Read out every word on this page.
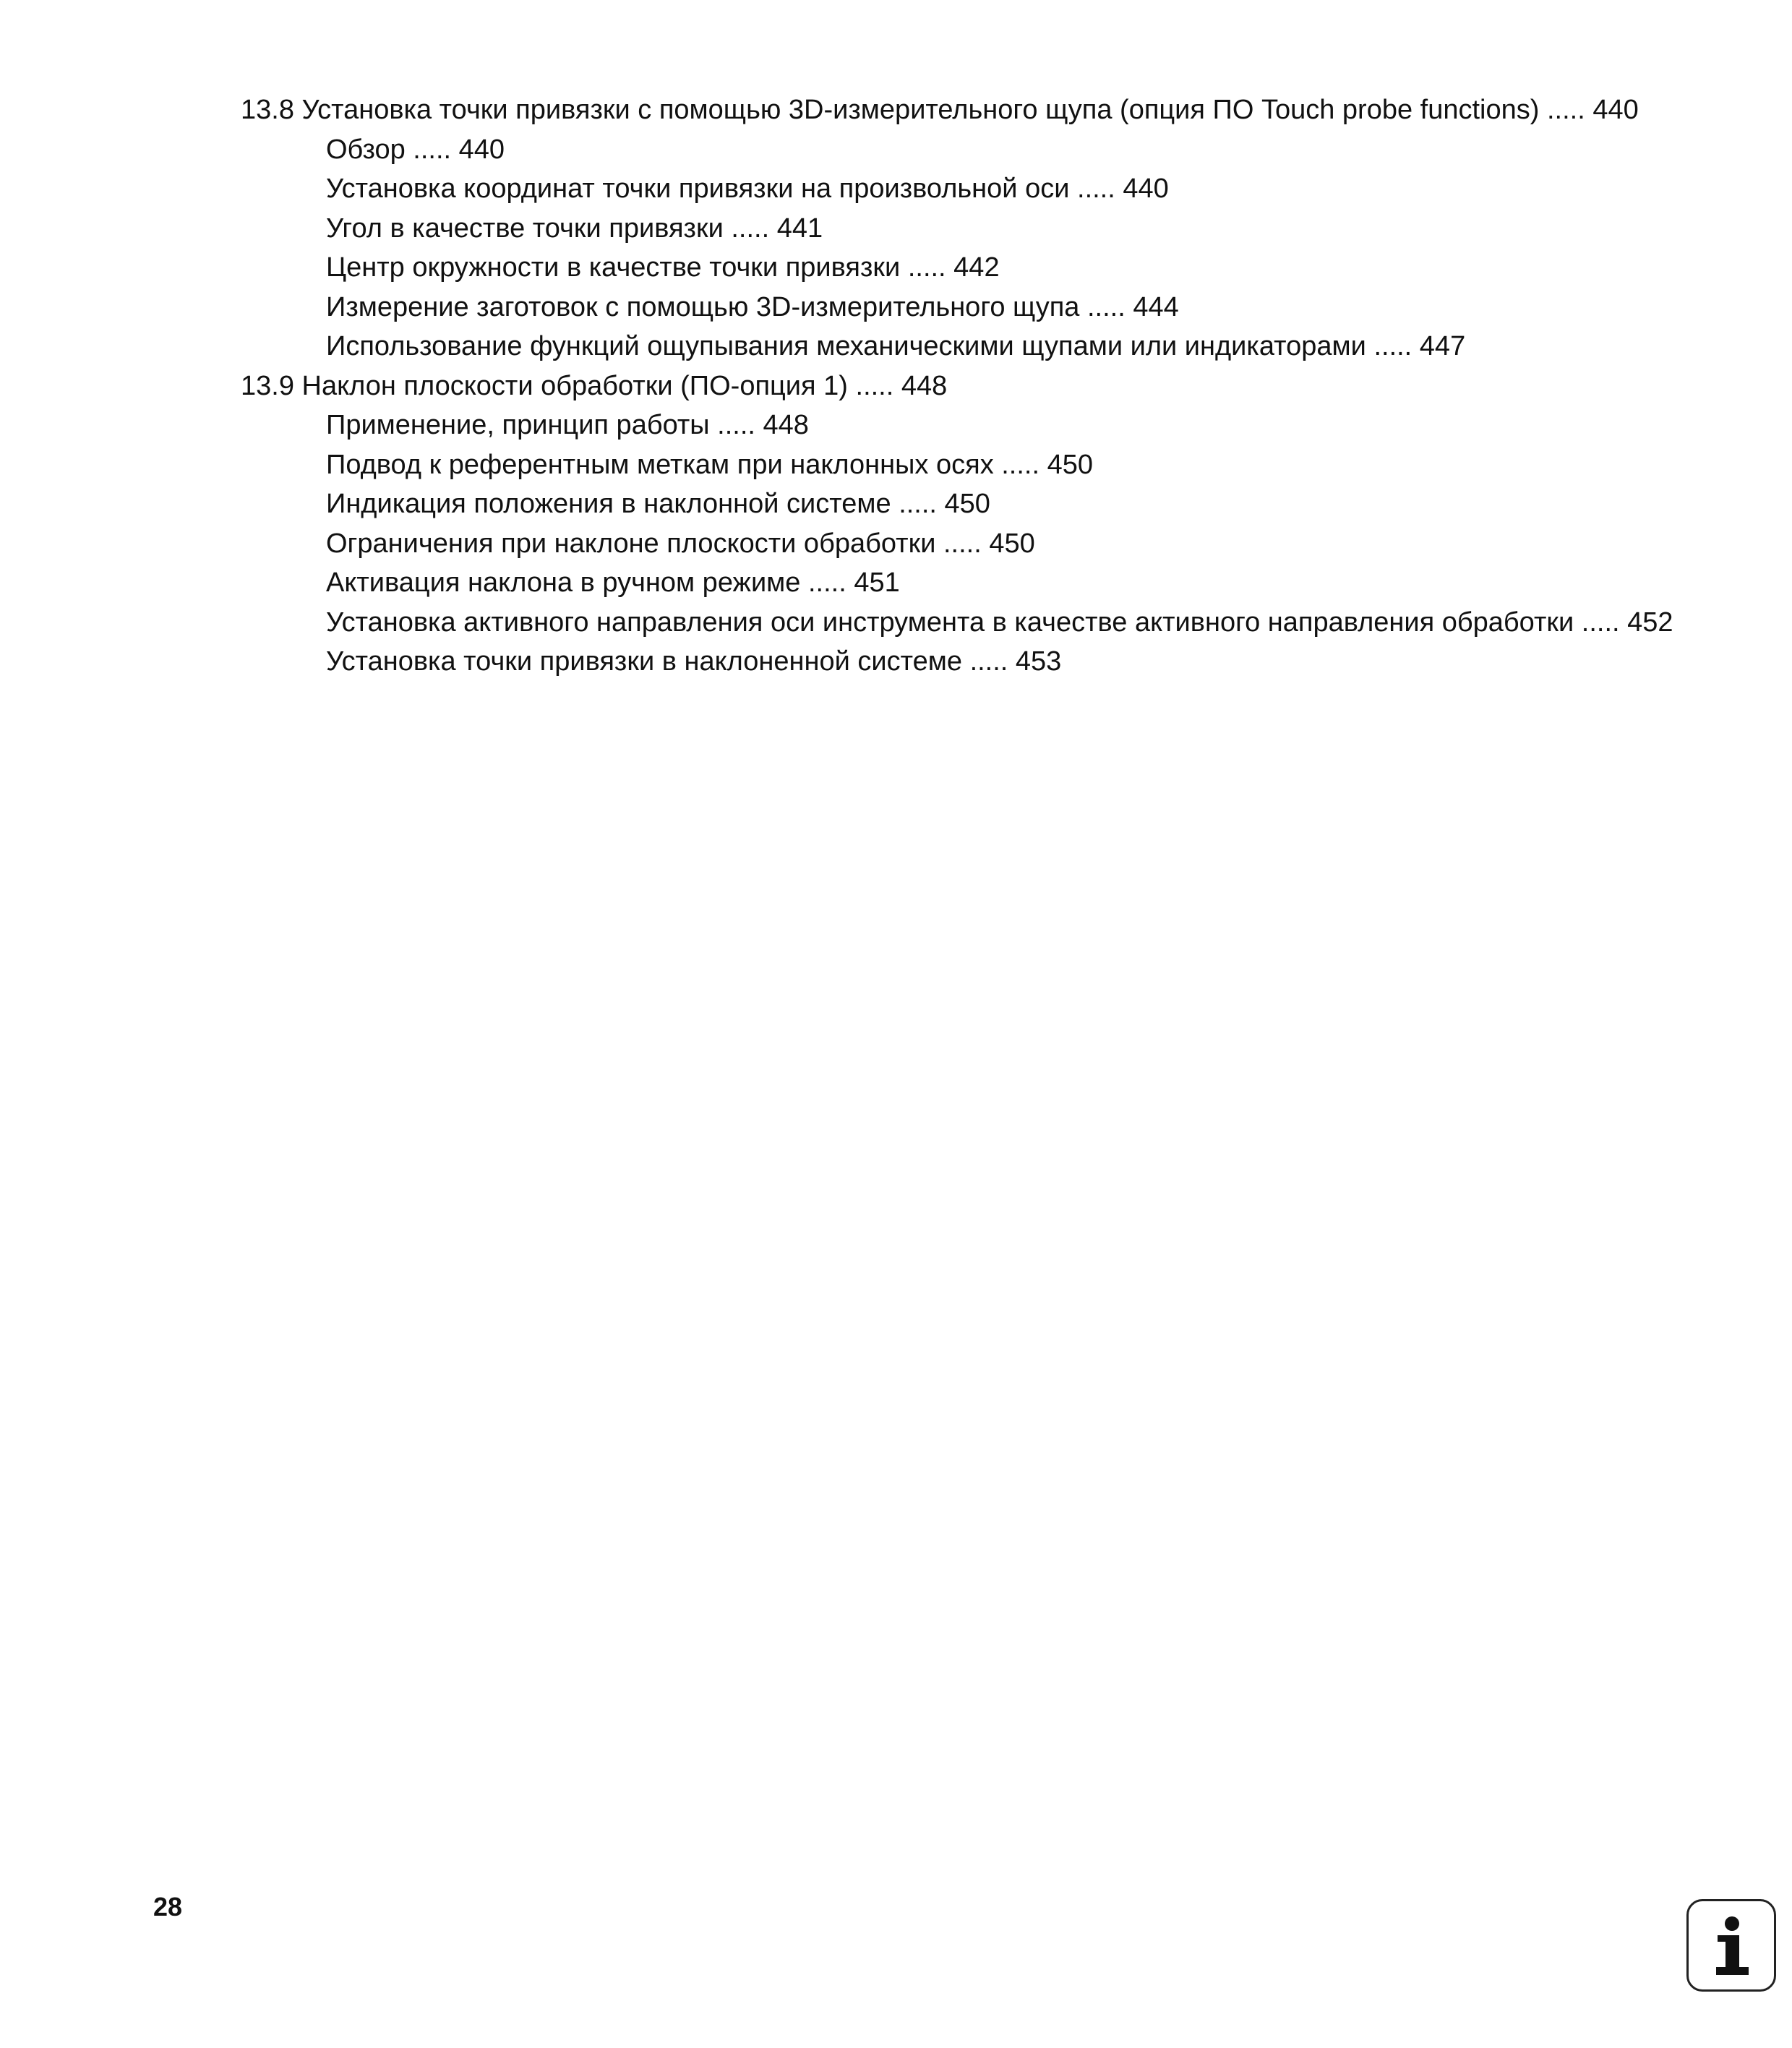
13.8 Установка точки привязки с помощью 3D-измерительного щупа (опция ПО Touch probe functions) ..... 440
Обзор ..... 440
Установка координат точки привязки на произвольной оси ..... 440
Угол в качестве точки привязки ..... 441
Центр окружности в качестве точки привязки ..... 442
Измерение заготовок с помощью 3D-измерительного щупа ..... 444
Использование функций ощупывания механическими щупами или индикаторами ..... 447
13.9 Наклон плоскости обработки (ПО-опция 1) ..... 448
Применение, принцип работы ..... 448
Подвод к референтным меткам при наклонных осях ..... 450
Индикация положения в наклонной системе ..... 450
Ограничения при наклоне плоскости обработки ..... 450
Активация наклона в ручном режиме ..... 451
Установка активного направления оси инструмента в качестве активного направления обработки ..... 452
Установка точки привязки в наклоненной системе ..... 453
28
